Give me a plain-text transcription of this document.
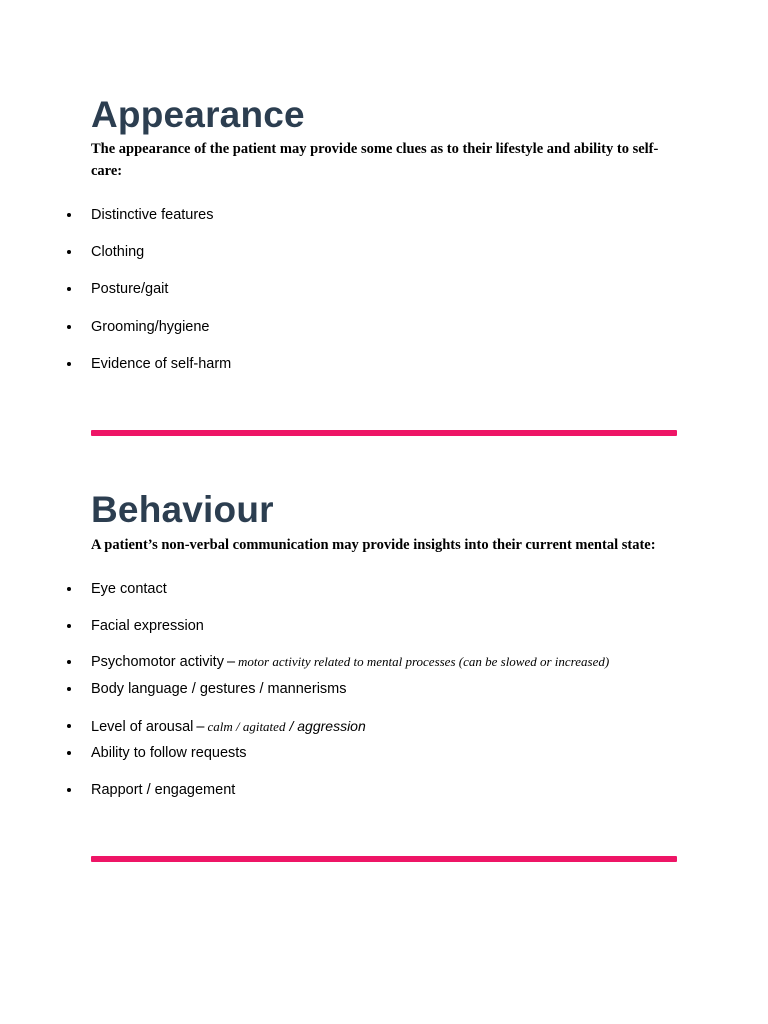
Appearance

The appearance of the patient may provide some clues as to their lifestyle and ability to self-care:

Distinctive features
Clothing
Posture/gait
Grooming/hygiene
Evidence of self-harm
Behaviour

A patient’s non-verbal communication may provide insights into their current mental state:

Eye contact
Facial expression
Psychomotor activity – motor activity related to mental processes (can be slowed or increased)
Body language / gestures / mannerisms
Level of arousal – calm / agitated / aggression
Ability to follow requests
Rapport / engagement
